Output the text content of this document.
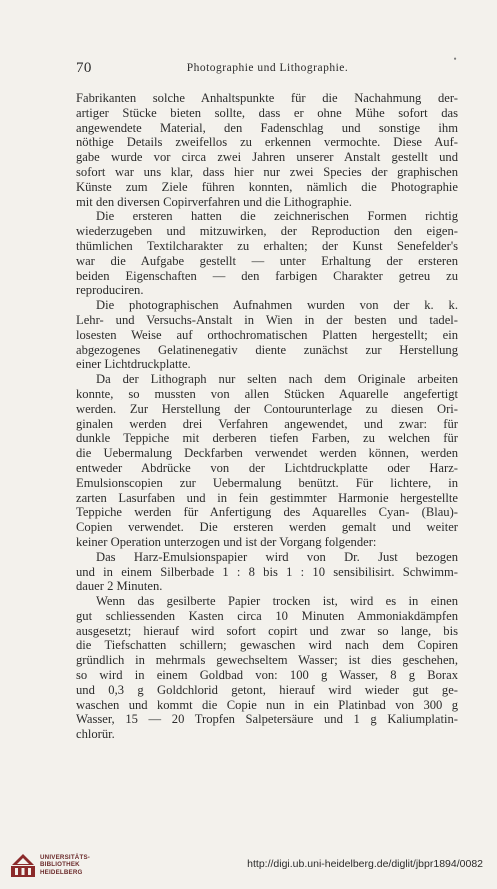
70	Photographie und Lithographie.
•
Fabrikanten solche Anhaltspunkte für die Nachahmung der-
artiger Stücke bieten sollte, dass er ohne Mühe sofort das
angewendete Material, den Fadenschlag und sonstige ihm
nöthige Details zweifellos zu erkennen vermochte. Diese Auf-
gabe wurde vor circa zwei Jahren unserer Anstalt gestellt und
sofort war uns klar, dass hier nur zwei Species der graphischen
Künste zum Ziele führen konnten, nämlich die Photographie
mit den diversen Copirverfahren und die Lithographie.
Die ersteren hatten die zeichnerischen Formen richtig
wiederzugeben und mitzuwirken, der Reproduction den eigen-
thümlichen Textilcharakter zu erhalten; der Kunst Senefelder's
war die Aufgabe gestellt — unter Erhaltung der ersteren
beiden Eigenschaften — den farbigen Charakter getreu zu
reproduciren.
Die photographischen Aufnahmen wurden von der k. k.
Lehr- und Versuchs-Anstalt in Wien in der besten und tadel-
losesten Weise auf orthochromatischen Platten hergestellt; ein
abgezogenes Gelatinenegativ diente zunächst zur Herstellung
einer Lichtdruckplatte.
Da der Lithograph nur selten nach dem Originale arbeiten
konnte, so mussten von allen Stücken Aquarelle angefertigt
werden. Zur Herstellung der Contourunterlage zu diesen Ori-
ginalen werden drei Verfahren angewendet, und zwar: für
dunkle Teppiche mit derberen tiefen Farben, zu welchen für
die Uebermalung Deckfarben verwendet werden können, werden
entweder Abdrücke von der Lichtdruckplatte oder Harz-
Emulsionscopien zur Uebermalung benützt. Für lichtere, in
zarten Lasurfaben und in fein gestimmter Harmonie hergestellte
Teppiche werden für Anfertigung des Aquarelles Cyan- (Blau)-
Copien verwendet. Die ersteren werden gemalt und weiter
keiner Operation unterzogen und ist der Vorgang folgender:
Das Harz-Emulsionspapier wird von Dr. Just bezogen
und in einem Silberbade 1 : 8 bis 1 : 10 sensibilisirt. Schwimm-
dauer 2 Minuten.
Wenn das gesilberte Papier trocken ist, wird es in einen
gut schliessenden Kasten circa 10 Minuten Ammoniakdämpfen
ausgesetzt; hierauf wird sofort copirt und zwar so lange, bis
die Tiefschatten schillern; gewaschen wird nach dem Copiren
gründlich in mehrmals gewechseltem Wasser; ist dies geschehen,
so wird in einem Goldbad von: 100 g Wasser, 8 g Borax
und 0,3 g Goldchlorid getont, hierauf wird wieder gut ge-
waschen und kommt die Copie nun in ein Platinbad von 300 g
Wasser, 15 — 20 Tropfen Salpetersäure und 1 g Kaliumplatin-
chlorür.
UNIVERSITÄTS-
BIBLIOTHEK
HEIDELBERG
http://digi.ub.uni-heidelberg.de/diglit/jbpr1894/0082
